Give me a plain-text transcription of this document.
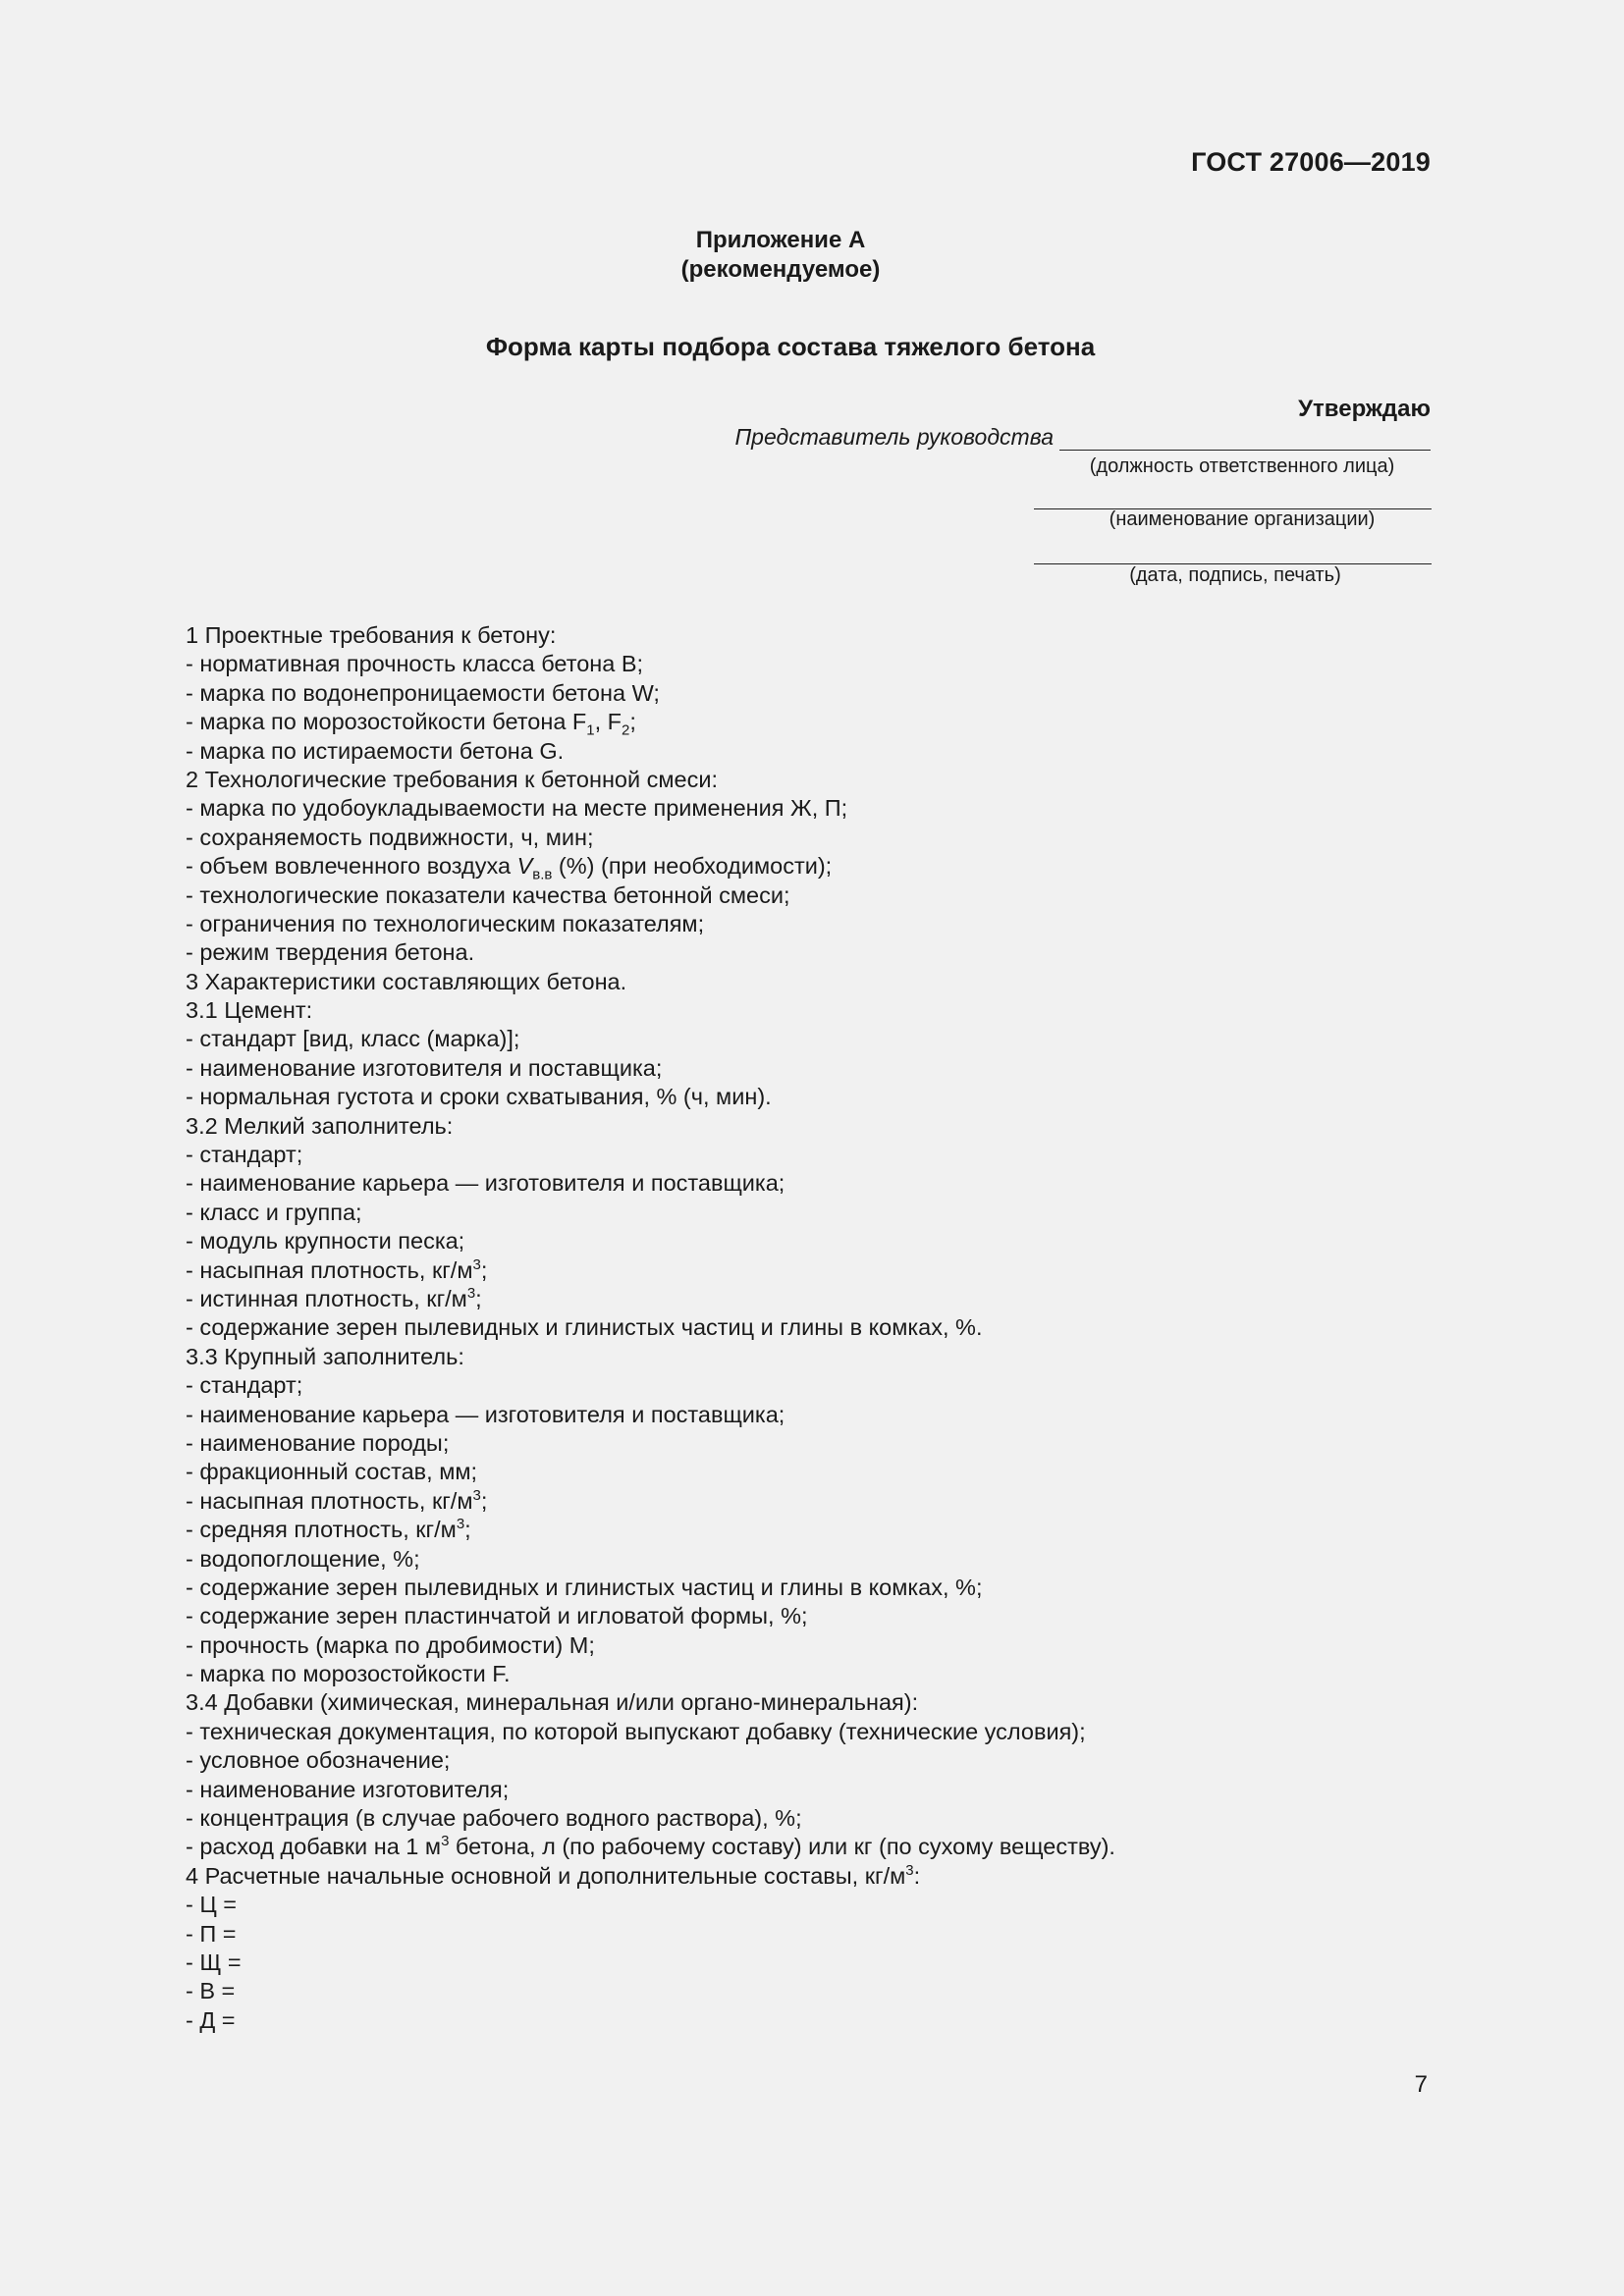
ГОСТ 27006—2019
Приложение А
(рекомендуемое)
Форма карты подбора состава тяжелого бетона
Утверждаю
Представитель руководства
(должность ответственного лица)
(наименование организации)
(дата, подпись, печать)
1 Проектные требования к бетону:
- нормативная прочность класса бетона В;
- марка по водонепроницаемости бетона W;
- марка по морозостойкости бетона $F_1$, $F_2$;
- марка по истираемости бетона G.
2 Технологические требования к бетонной смеси:
- марка по удобоукладываемости на месте применения Ж, П;
- сохраняемость подвижности, ч, мин;
- объем вовлеченного воздуха $V_{в.в}$ (%) (при необходимости);
- технологические показатели качества бетонной смеси;
- ограничения по технологическим показателям;
- режим твердения бетона.
3 Характеристики составляющих бетона.
3.1 Цемент:
- стандарт [вид, класс (марка)];
- наименование изготовителя и поставщика;
- нормальная густота и сроки схватывания, % (ч, мин).
3.2 Мелкий заполнитель:
- стандарт;
- наименование карьера — изготовителя и поставщика;
- класс и группа;
- модуль крупности песка;
- насыпная плотность, $кг/м^3$;
- истинная плотность, $кг/м^3$;
- содержание зерен пылевидных и глинистых частиц и глины в комках, %.
3.3 Крупный заполнитель:
- стандарт;
- наименование карьера — изготовителя и поставщика;
- наименование породы;
- фракционный состав, мм;
- насыпная плотность, $кг/м^3$;
- средняя плотность, $кг/м^3$;
- водопоглощение, %;
- содержание зерен пылевидных и глинистых частиц и глины в комках, %;
- содержание зерен пластинчатой и игловатой формы, %;
- прочность (марка по дробимости) М;
- марка по морозостойкости F.
3.4 Добавки (химическая, минеральная и/или органо-минеральная):
- техническая документация, по которой выпускают добавку (технические условия);
- условное обозначение;
- наименование изготовителя;
- концентрация (в случае рабочего водного раствора), %;
- расход добавки на 1 $м^3$ бетона, л (по рабочему составу) или кг (по сухому веществу).
4 Расчетные начальные основной и дополнительные составы, $кг/м^3$:
- Ц =
- П =
- Щ =
- В =
- Д =
7
